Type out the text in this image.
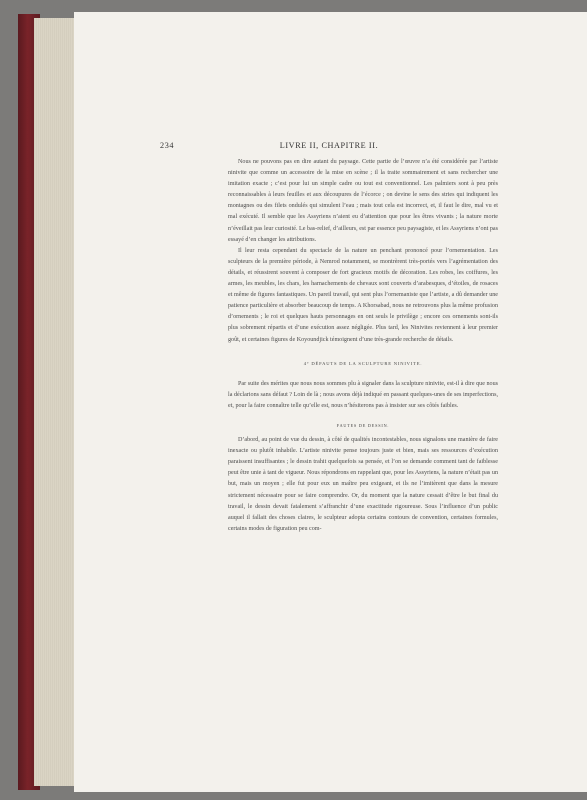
234	LIVRE II, CHAPITRE II.

Nous ne pouvons pas en dire autant du paysage. Cette partie de l’œuvre n’a été considérée par l’artiste ninivite que comme un accessoire de la mise en scène ; il la traite sommairement et sans rechercher une imitation exacte ; c’est pour lui un simple cadre ou tout est conventionnel. Les palmiers sont à peu près reconnaissables à leurs feuilles et aux découpures de l’écorce ; on devine le sens des stries qui indiquent les montagnes ou des filets ondulés qui simulent l’eau ; mais tout cela est incorrect, et, il faut le dire, mal vu et mal exécuté. Il semble que les Assyriens n’aient eu d’attention que pour les êtres vivants ; la nature morte n’éveillait pas leur curiosité. Le bas-relief, d’ailleurs, est par essence peu paysagiste, et les Assyriens n’ont pas essayé d’en changer les attributions.

Il leur resta cependant du spectacle de la nature un penchant prononcé pour l’ornementation. Les sculpteurs de la première période, à Nemrod notamment, se montrèrent très-portés vers l’agrémentation des détails, et réussirent souvent à composer de fort gracieux motifs de décoration. Les robes, les coiffures, les armes, les meubles, les chars, les harnachements de chevaux sont couverts d’arabesques, d’étoiles, de rosaces et même de figures fantastiques. Un pareil travail, qui sent plus l’ornemaniste que l’artiste, a dû demander une patience particulière et absorber beaucoup de temps. A Khorsabad, nous ne retrouvons plus la même profusion d’ornements ; le roi et quelques hauts personnages en ont seuls le privilège ; encore ces ornements sont-ils plus sobrement répartis et d’une exécution assez négligée. Plus tard, les Ninivites reviennent à leur premier goût, et certaines figures de Koyoundjick témoignent d’une très-grande recherche de détails.

4° DÉFAUTS DE LA SCULPTURE NINIVITE.

Par suite des mérites que nous nous sommes plu à signaler dans la sculpture ninivite, est-il à dire que nous la déclarions sans défaut ? Loin de là ; nous avons déjà indiqué en passant quelques-unes de ses imperfections, et, pour la faire connaître telle qu’elle est, nous n’hésiterons pas à insister sur ses côtés faibles.

FAUTES DE DESSIN.

D’abord, au point de vue du dessin, à côté de qualités incontestables, nous signalons une manière de faire inexacte ou plutôt inhabile. L’artiste ninivite pense toujours juste et bien, mais ses ressources d’exécution paraissent insuffisantes ; le dessin trahit quelquefois sa pensée, et l’on se demande comment tant de faiblesse peut être unie à tant de vigueur. Nous répondrons en rappelant que, pour les Assyriens, la nature n’était pas un but, mais un moyen ; elle fut pour eux un maître peu exigeant, et ils ne l’imitèrent que dans la mesure strictement nécessaire pour se faire comprendre. Or, du moment que la nature cessait d’être le but final du travail, le dessin devait fatalement s’affranchir d’une exactitude rigoureuse. Sous l’influence d’un public auquel il fallait des choses claires, le sculpteur adopta certains contours de convention, certaines formules, certains modes de figuration peu com-
